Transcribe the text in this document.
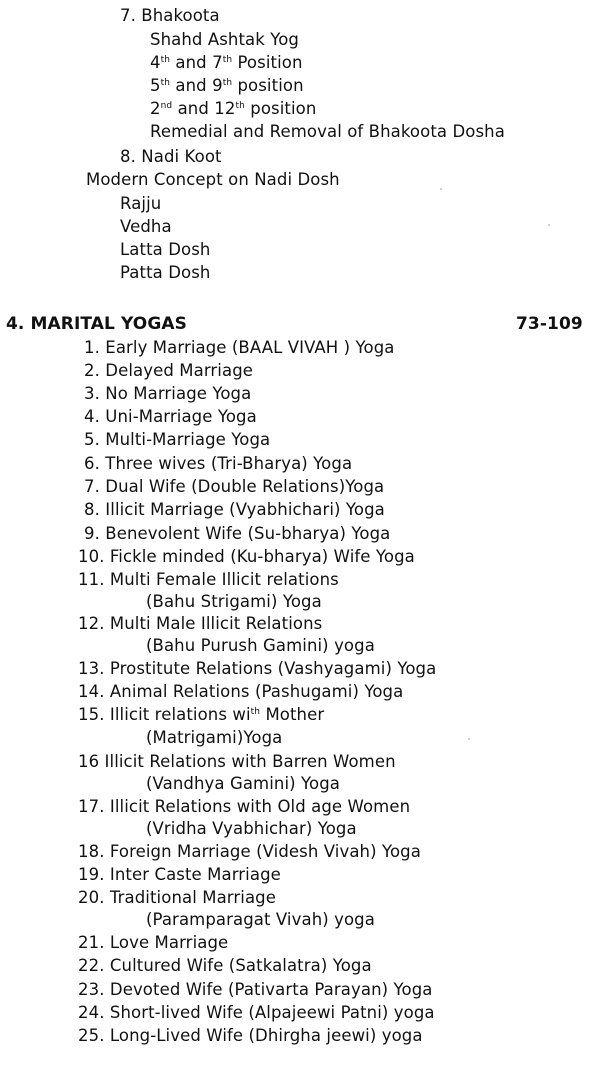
7. Bhakoota
Shahd Ashtak Yog
4th and 7th Position
5th and 9th position
2nd and 12th position
Remedial and Removal of Bhakoota Dosha
8. Nadi Koot
Modern Concept on Nadi Dosh
Rajju
Vedha
Latta Dosh
Patta Dosh
4. MARITAL YOGAS	73-109
1. Early Marriage (BAAL VIVAH ) Yoga
2. Delayed Marriage
3. No Marriage Yoga
4. Uni-Marriage Yoga
5. Multi-Marriage Yoga
6. Three wives (Tri-Bharya) Yoga
7. Dual Wife (Double Relations)Yoga
8. Illicit Marriage (Vyabhichari) Yoga
9. Benevolent Wife (Su-bharya) Yoga
10. Fickle minded (Ku-bharya) Wife Yoga
11. Multi Female Illicit relations
(Bahu Strigami) Yoga
12. Multi Male Illicit Relations
(Bahu Purush Gamini) yoga
13. Prostitute Relations (Vashyagami) Yoga
14. Animal Relations (Pashugami) Yoga
15. Illicit relations $wi^{th}$ Mother
(Matrigami)Yoga
16 Illicit Relations with Barren Women
(Vandhya Gamini) Yoga
17. Illicit Relations with Old age Women
(Vridha Vyabhichar) Yoga
18. Foreign Marriage (Videsh Vivah) Yoga
19. Inter Caste Marriage
20. Traditional Marriage
(Paramparagat Vivah) yoga
21. Love Marriage
22. Cultured Wife (Satkalatra) Yoga
23. Devoted Wife (Pativarta Parayan) Yoga
24. Short-lived Wife (Alpajeewi Patni) yoga
25. Long-Lived Wife (Dhirgha jeewi) yoga
